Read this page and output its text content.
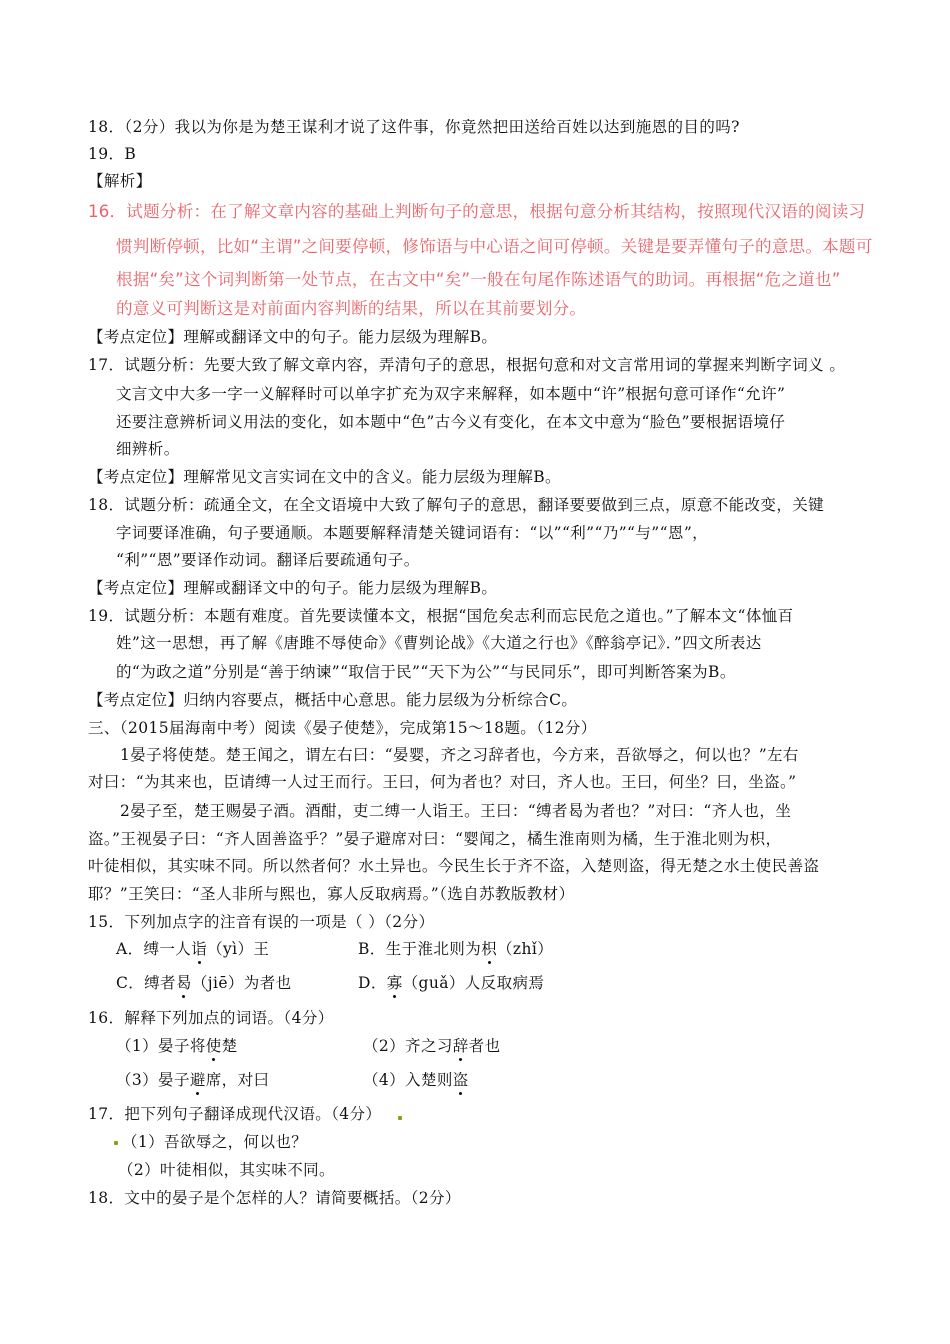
18．（2分）我以为你是为楚王谋利才说了这件事，你竟然把田送给百姓以达到施恩的目的吗?
19．B
【解析】
16．试题分析：在了解文章内容的基础上判断句子的意思，根据句意分析其结构，按照现代汉语的阅读习
惯判断停顿，比如“主谓”之间要停顿，修饰语与中心语之间可停顿。关键是要弄懂句子的意思。本题可
根据“矣”这个词判断第一处节点，在古文中“矣”一般在句尾作陈述语气的助词。再根据“危之道也”
的意义可判断这是对前面内容判断的结果，所以在其前要划分。
【考点定位】理解或翻译文中的句子。能力层级为理解B。
17．试题分析：先要大致了解文章内容，弄清句子的意思，根据句意和对文言常用词的掌握来判断字词义 。
文言文中大多一字一义解释时可以单字扩充为双字来解释，如本题中“许”根据句意可译作“允许”
还要注意辨析词义用法的变化，如本题中“色”古今义有变化，在本文中意为“脸色”要根据语境仔
细辨析。
【考点定位】理解常见文言实词在文中的含义。能力层级为理解B。
18．试题分析：疏通全文，在全文语境中大致了解句子的意思，翻译要要做到三点，原意不能改变，关键
字词要译准确，句子要通顺。本题要解释清楚关键词语有：“以”“利”“乃”“与”“恩”，
“利”“恩”要译作动词。翻译后要疏通句子。
【考点定位】理解或翻译文中的句子。能力层级为理解B。
19．试题分析：本题有难度。首先要读懂本文，根据“国危矣志利而忘民危之道也。”了解本文“体恤百
姓”这一思想，再了解《唐雎不辱使命》《曹刿论战》《大道之行也》《醉翁亭记》．”四文所表达
的“为政之道”分别是“善于纳谏”“取信于民”“天下为公”“与民同乐”，即可判断答案为B。
【考点定位】归纳内容要点，概括中心意思。能力层级为分析综合C。
三、（2015届海南中考）阅读《晏子使楚》，完成第15～18题。（12分）
1晏子将使楚。楚王闻之，谓左右曰：“晏婴，齐之习辞者也，今方来，吾欲辱之，何以也？”左右
对曰：“为其来也，臣请缚一人过王而行。王曰，何为者也？对曰，齐人也。王曰，何坐？曰，坐盗。”
2晏子至，楚王赐晏子酒。酒酣，吏二缚一人诣王。王曰：“缚者曷为者也？”对曰：“齐人也，坐
盗。”王视晏子曰：“齐人固善盗乎？”晏子避席对曰：“婴闻之，橘生淮南则为橘，生于淮北则为枳，
叶徒相似，其实味不同。所以然者何？水土异也。今民生长于齐不盗，入楚则盗，得无楚之水土使民善盗
耶？”王笑曰：“圣人非所与熙也，寡人反取病焉。”（选自苏教版教材）
15．下列加点字的注音有误的一项是（ ）（2分）
A．缚一人诣（yì）王	B．生于淮北则为枳（zhǐ）
C．缚者曷（jiē）为者也	D．寡（guǎ）人反取病焉
16．解释下列加点的词语。（4分）
（1）晏子将使楚	（2）齐之习辞者也
（3）晏子避席，对曰	（4）入楚则盗
17．把下列句子翻译成现代汉语。（4分）
（1）吾欲辱之，何以也？
（2）叶徒相似，其实味不同。
18．文中的晏子是个怎样的人？请简要概括。（2分）
